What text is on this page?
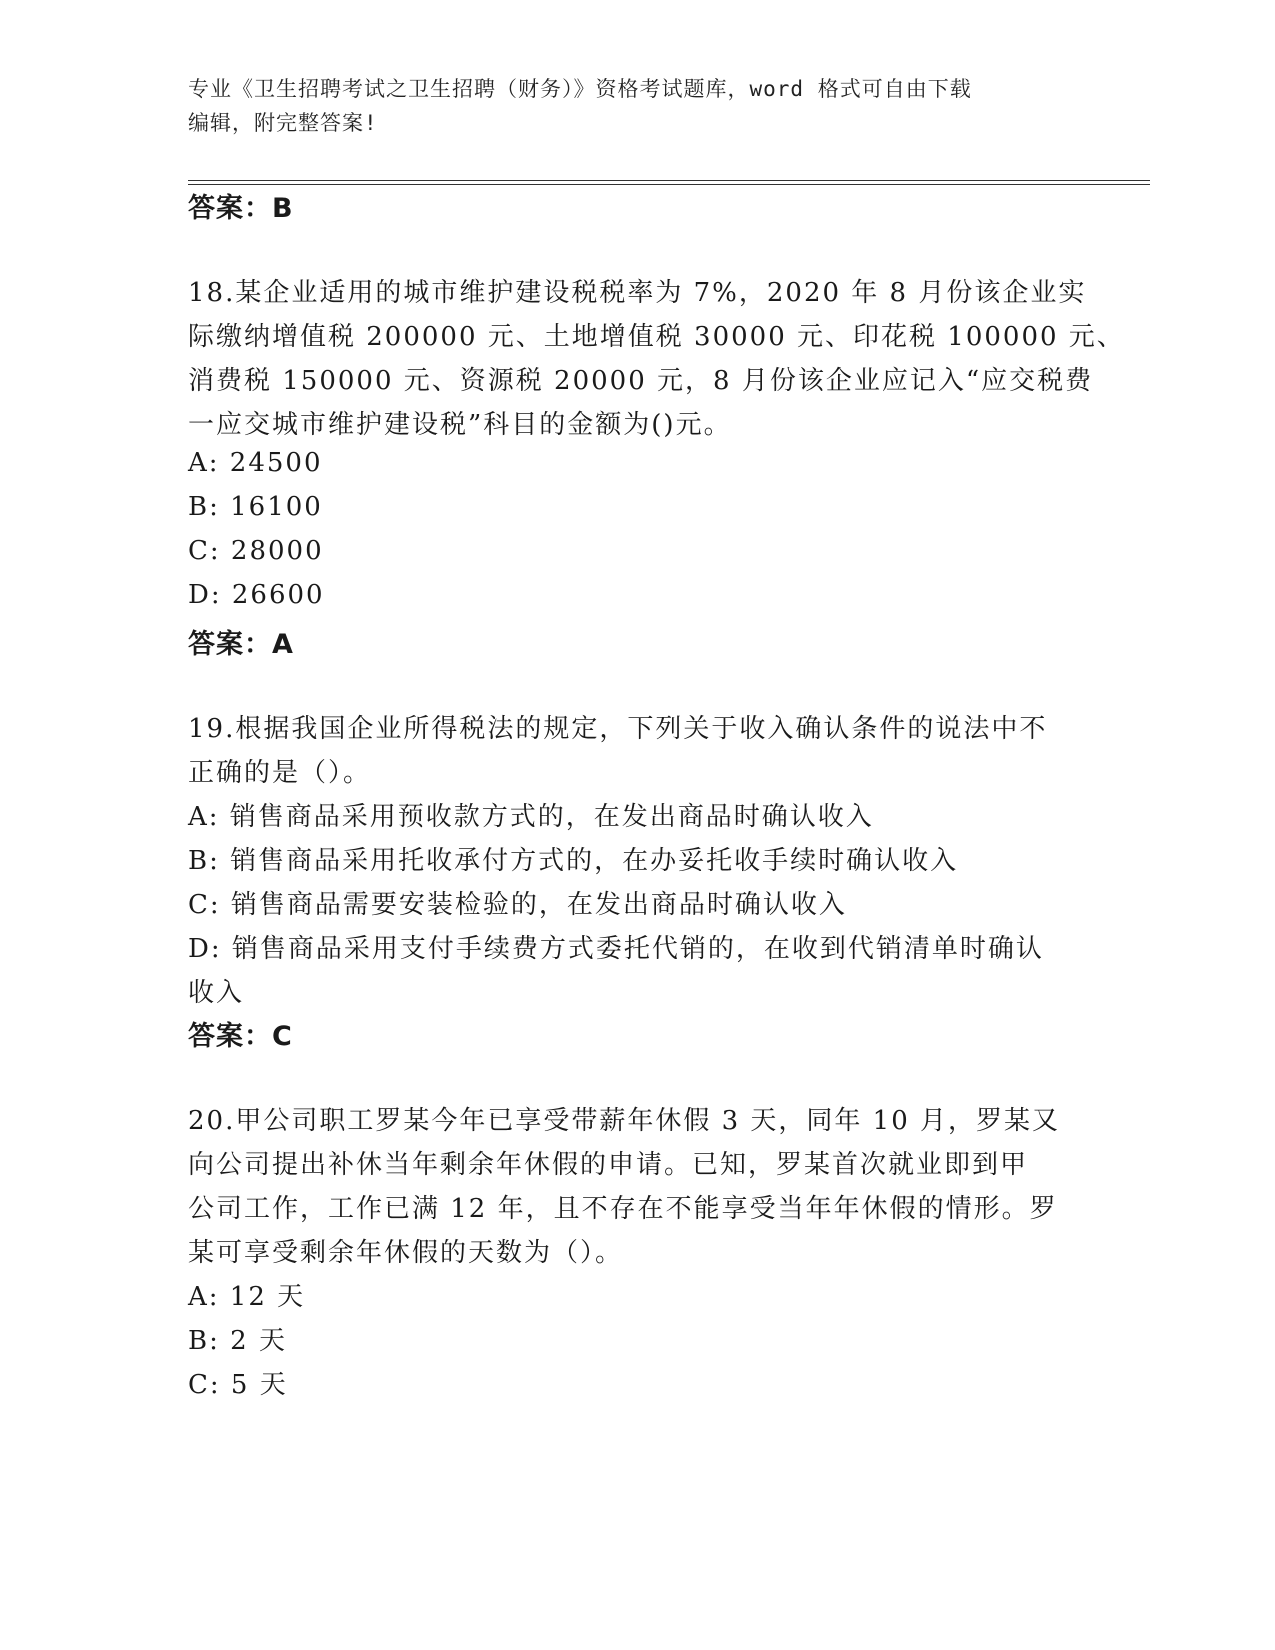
专业《卫生招聘考试之卫生招聘（财务）》资格考试题库，word 格式可自由下载
编辑，附完整答案!
答案：B
18.某企业适用的城市维护建设税税率为 7%，2020 年 8 月份该企业实
际缴纳增值税 200000 元、土地增值税 30000 元、印花税 100000 元、
消费税 150000 元、资源税 20000 元，8 月份该企业应记入“应交税费
一应交城市维护建设税”科目的金额为()元。
A: 24500
B: 16100
C: 28000
D: 26600
答案：A
19.根据我国企业所得税法的规定，下列关于收入确认条件的说法中不
正确的是（）。
A: 销售商品采用预收款方式的，在发出商品时确认收入
B: 销售商品采用托收承付方式的，在办妥托收手续时确认收入
C: 销售商品需要安装检验的，在发出商品时确认收入
D: 销售商品采用支付手续费方式委托代销的，在收到代销清单时确认
收入
答案：C
20.甲公司职工罗某今年已享受带薪年休假 3 天，同年 10 月，罗某又
向公司提出补休当年剩余年休假的申请。已知，罗某首次就业即到甲
公司工作，工作已满 12 年，且不存在不能享受当年年休假的情形。罗
某可享受剩余年休假的天数为（）。
A: 12 天
B: 2 天
C: 5 天
